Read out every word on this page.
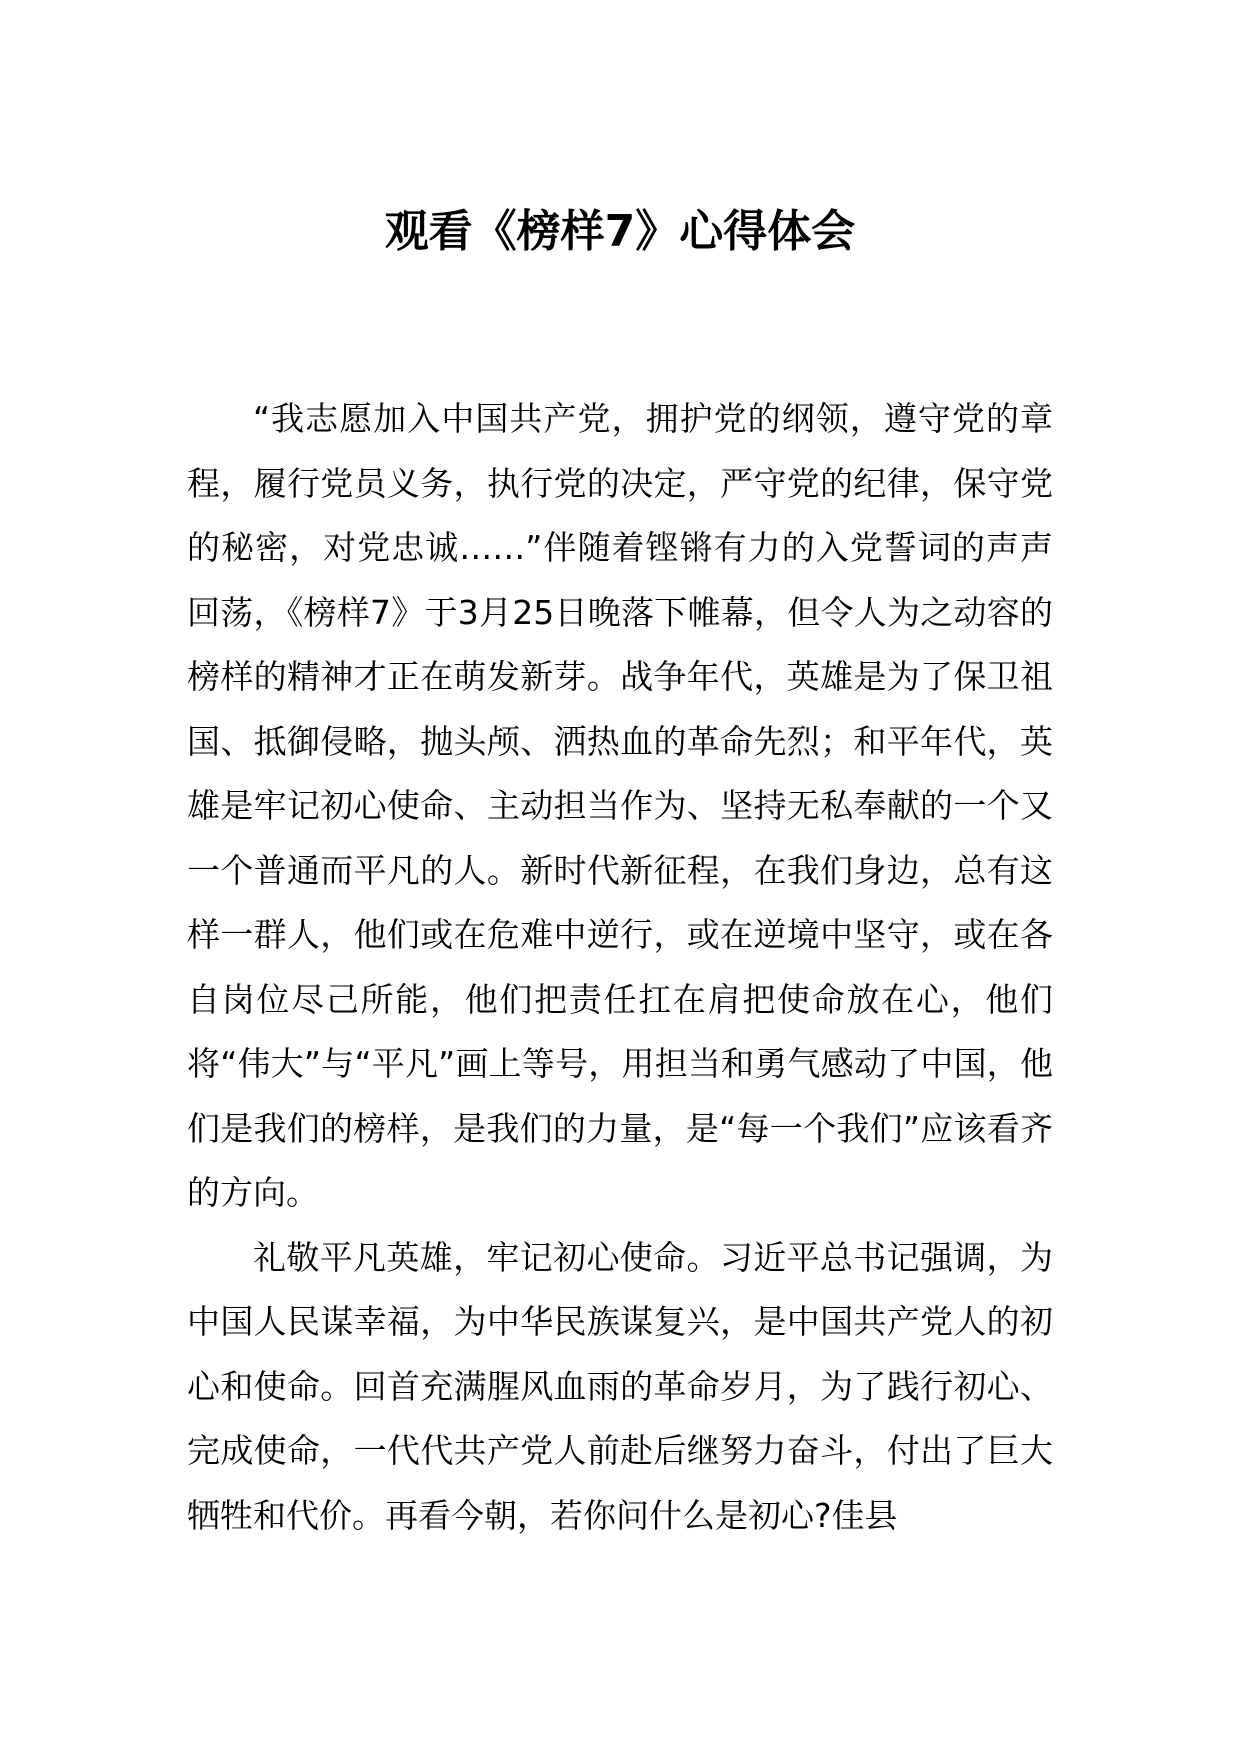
观看《榜样7》心得体会

“我志愿加入中国共产党，拥护党的纲领，遵守党的章程，履行党员义务，执行党的决定，严守党的纪律，保守党的秘密，对党忠诚……”伴随着铿锵有力的入党誓词的声声回荡，《榜样7》于3月25日晚落下帷幕，但令人为之动容的榜样的精神才正在萌发新芽。战争年代，英雄是为了保卫祖国、抵御侵略，抛头颅、洒热血的革命先烈；和平年代，英雄是牢记初心使命、主动担当作为、坚持无私奉献的一个又一个普通而平凡的人。新时代新征程，在我们身边，总有这样一群人，他们或在危难中逆行，或在逆境中坚守，或在各自岗位尽己所能，他们把责任扛在肩把使命放在心，他们将“伟大”与“平凡”画上等号，用担当和勇气感动了中国，他们是我们的榜样，是我们的力量，是“每一个我们”应该看齐的方向。

礼敬平凡英雄，牢记初心使命。习近平总书记强调，为中国人民谋幸福，为中华民族谋复兴，是中国共产党人的初心和使命。回首充满腥风血雨的革命岁月，为了践行初心、完成使命，一代代共产党人前赴后继努力奋斗，付出了巨大牺牲和代价。再看今朝，若你问什么是初心?佳县
